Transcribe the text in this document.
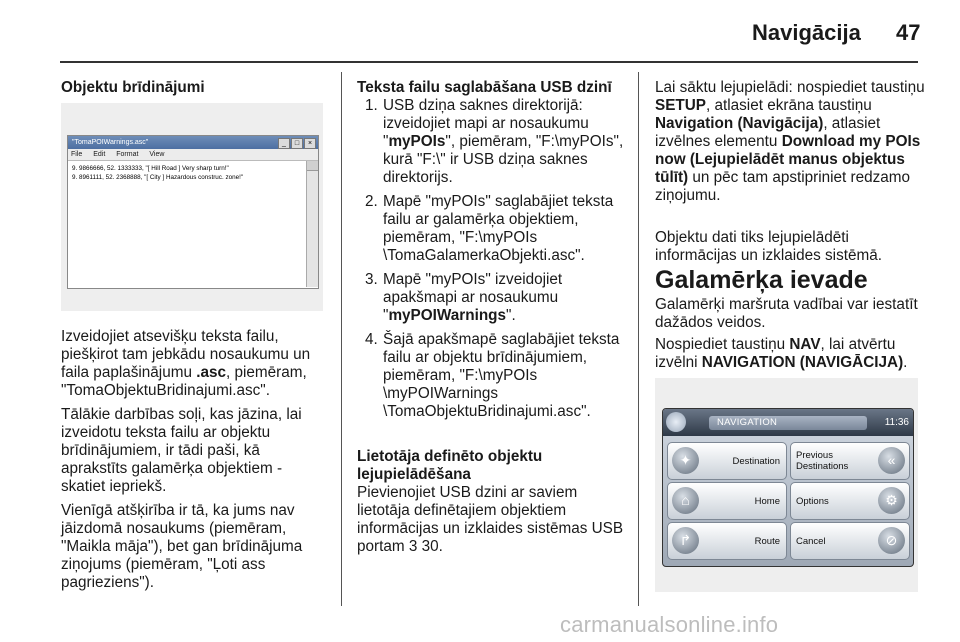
Navigācija 47
Objektu brīdinājumi
"TomaPOIWarnings.asc"	_	□	×
File Edit Format View
9. 9866666, 52. 1333333, "[ Hill Road ] Very sharp turn!"
9. 8961111, 52. 2368888, "[ City ] Hazardous construc. zone!"

Izveidojiet atsevišķu teksta failu, piešķirot tam jebkādu nosaukumu un faila paplašinājumu .asc, piemēram, "TomaObjektuBridinajumi.asc".

Tālākie darbības soļi, kas jāzina, lai izveidotu teksta failu ar objektu brīdinājumiem, ir tādi paši, kā aprakstīts galamērķa objektiem - skatiet iepriekš.

Vienīgā atšķirība ir tā, ka jums nav jāizdomā nosaukums (piemēram, "Maikla māja"), bet gan brīdinājuma ziņojums (piemēram, "Ļoti ass pagrieziens").

Teksta failu saglabāšana USB dzinī
1. USB dziņa saknes direktorijā: izveidojiet mapi ar nosaukumu "myPOIs", piemēram, "F:\myPOIs", kurā "F:\" ir USB dziņa saknes direktorijs.
2. Mapē "myPOIs" saglabājiet teksta failu ar galamērķa objektiem, piemēram, "F:\myPOIs \TomaGalamerkaObjekti.asc".
3. Mapē "myPOIs" izveidojiet apakšmapi ar nosaukumu "myPOIWarnings".
4. Šajā apakšmapē saglabājiet teksta failu ar objektu brīdinājumiem, piemēram, "F:\myPOIs \myPOIWarnings \TomaObjektuBridinajumi.asc".
Lietotāja definēto objektu lejupielādēšana

Pievienojiet USB dzini ar saviem lietotāja definētajiem objektiem informācijas un izklaides sistēmas USB portam 3 30.

Lai sāktu lejupielādi: nospiediet taustiņu SETUP, atlasiet ekrāna taustiņu Navigation (Navigācija), atlasiet izvēlnes elementu Download my POIs now (Lejupielādēt manus objektus tūlīt) un pēc tam apstipriniet redzamo ziņojumu.

Objektu dati tiks lejupielādēti informācijas un izklaides sistēmā.

Galamērķa ievade

Galamērķi maršruta vadībai var iestatīt dažādos veidos.

Nospiediet taustiņu NAV, lai atvērtu izvēlni NAVIGATION (NAVIGĀCIJA).

NAVIGATION	11:36
✦	Destination Previous
Destinations	«
⌂	Home Options	⚙
↱	Route Cancel	⊘
carmanualsonline.info
